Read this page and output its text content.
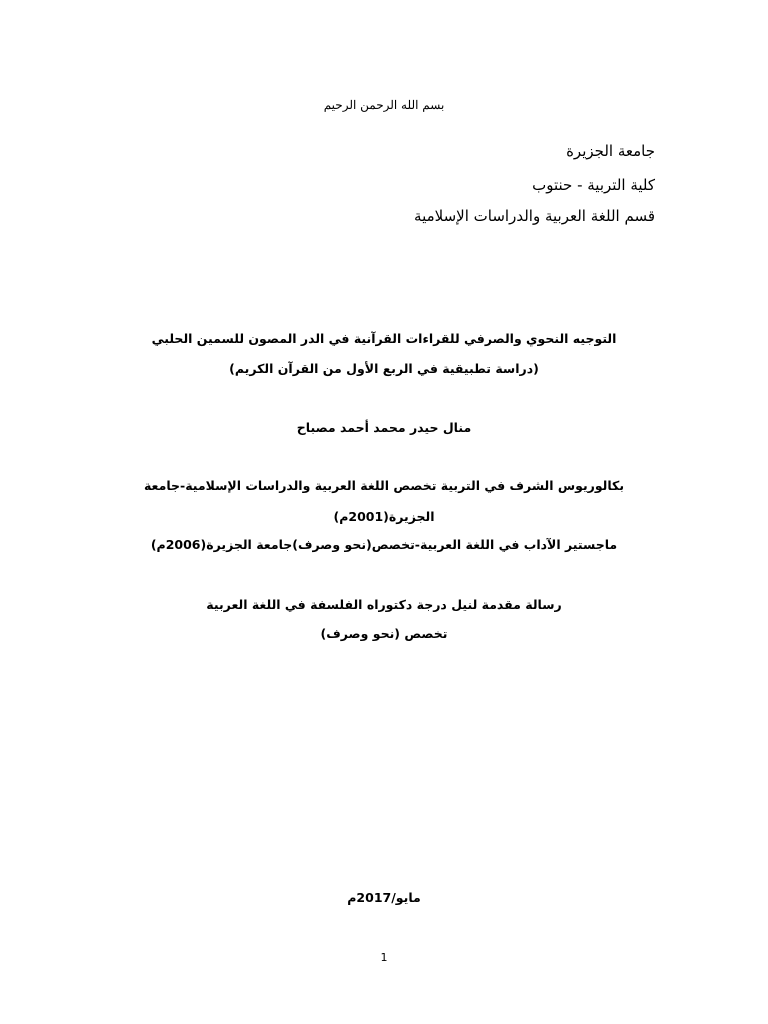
بسم الله الرحمن الرحيم
جامعة الجزيرة
كلية التربية - حنتوب
قسم اللغة العربية والدراسات الإسلامية
التوجيه النحوي والصرفي للقراءات القرآنية في الدر المصون للسمين الحلبي
(دراسة تطبيقية في الربع الأول من القرآن الكريم)
منال حيدر محمد أحمد مصباح
بكالوريوس الشرف في التربية تخصص اللغة العربية والدراسات الإسلامية-جامعة
الجزيرة(2001م)
ماجستير الآداب في اللغة العربية-تخصص(نحو وصرف)جامعة الجزيرة(2006م)
رسالة مقدمة لنيل درجة دكتوراه الفلسفة في اللغة العربية
تخصص (نحو وصرف)
مايو/2017م
1
